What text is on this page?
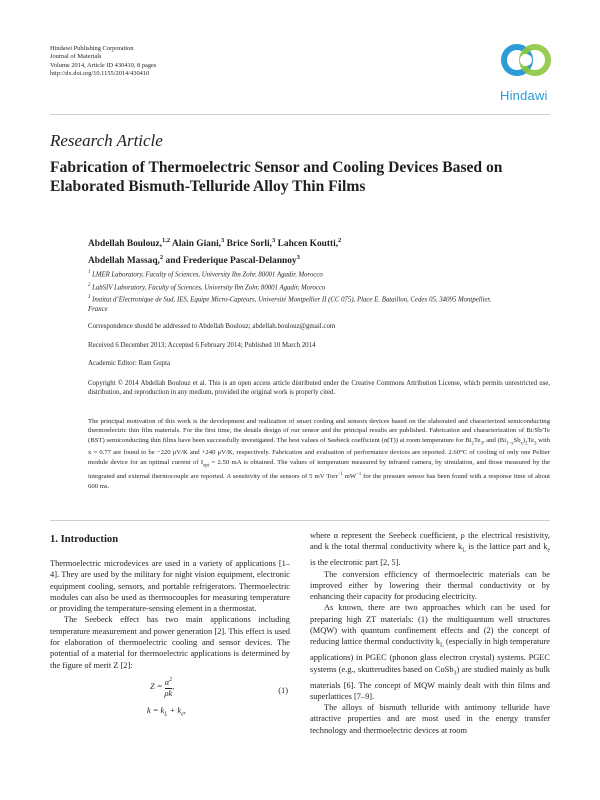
Hindawi Publishing Corporation
Journal of Materials
Volume 2014, Article ID 430410, 8 pages
http://dx.doi.org/10.1155/2014/430410
Hindawi
Research Article
Fabrication of Thermoelectric Sensor and Cooling Devices Based on Elaborated Bismuth-Telluride Alloy Thin Films
Abdellah Boulouz,$^{1,2}$ Alain Giani,$^3$ Brice Sorli,$^3$ Lahcen Koutti,$^2$
Abdellah Massaq,$^2$ and Frederique Pascal-Delannoy$^3$
$^1$ LMER Laboratory, Faculty of Sciences, University Ibn Zohr, 80001 Agadir, Morocco
$^2$ LabSIV Laboratory, Faculty of Sciences, University Ibn Zohr, 80001 Agadir, Morocco
$^3$ Institut d’Electronique de Sud, IES, Equipe Micro-Capteurs, Université Montpellier II (CC 075), Place E. Bataillon, Cedex 05, 34095 Montpellier, France
Correspondence should be addressed to Abdellah Boulouz; abdellah.boulouz@gmail.com
Received 6 December 2013; Accepted 6 February 2014; Published 10 March 2014
Academic Editor: Ram Gupta
Copyright © 2014 Abdellah Boulouz et al. This is an open access article distributed under the Creative Commons Attribution License, which permits unrestricted use, distribution, and reproduction in any medium, provided the original work is properly cited.

The principal motivation of this work is the development and realization of smart cooling and sensors devices based on the elaborated and characterized semiconducting thermoelectric thin film materials. For the first time, the details design of our sensor and the principal results are published. Fabrication and characterization of Bi/Sb/Te (BST) semiconducting thin films have been successfully investigated. The best values of Seebeck coefficient (α(T)) at room temperature for $Bi_2Te_3$, and $(Bi_{1-x}Sb_x)_2Te_3$ with x = 0.77 are found to be −220 μV/K and +240 μV/K, respectively. Fabrication and evaluation of performance devices are reported. 2.60°C of cooling of only one Peltier module device for an optimal current of $I_{opt} = 2.50$ mA is obtained. The values of temperature measured by infrared camera, by simulation, and those measured by the integrated and external thermocouple are reported. A sensitivity of the sensors of 5 mV Torr$^{-1}$ $mW^{-1}$ for the pressure sensor has been found with a response time of about 600 ms.

1. Introduction

Thermoelectric microdevices are used in a variety of applications [1–4]. They are used by the military for night vision equipment, electronic equipment cooling, sensors, and portable refrigerators. Thermoelectric modules can also be used as thermocouples for measuring temperature or providing the temperature-sensing element in a thermostat.

The Seebeck effect has two main applications including temperature measurement and power generation [2]. This effect is used for elaboration of thermoelectric cooling and sensor devices. The potential of a material for thermoelectric applications is determined by the figure of merit Z [2]:

$Z = \frac{\alpha^2}{\rho k}$ ,
$k = k_L + k_e$,
(1)

where α represent the Seebeck coefficient, ρ the electrical resistivity, and k the total thermal conductivity where $k_L$ is the lattice part and $k_e$ is the electronic part [2, 5].

The conversion efficiency of thermoelectric materials can be improved either by lowering their thermal conductivity or by enhancing their capacity for producing electricity.

As known, there are two approaches which can be used for preparing high ZT materials: (1) the multiquantum well structures (MQW) with quantum confinement effects and (2) the concept of reducing lattice thermal conductivity $k_L$ (especially in high temperature applications) in PGEC (phonon glass electron crystal) systems. PGEC systems (e.g., skutterudites based on CoSb$_3$) are studied mainly as bulk materials [6]. The concept of MQW mainly dealt with thin films and superlattices [7–9].

The alloys of bismuth telluride with antimony telluride have attractive properties and are most used in the energy transfer technology and thermoelectric devices at room
